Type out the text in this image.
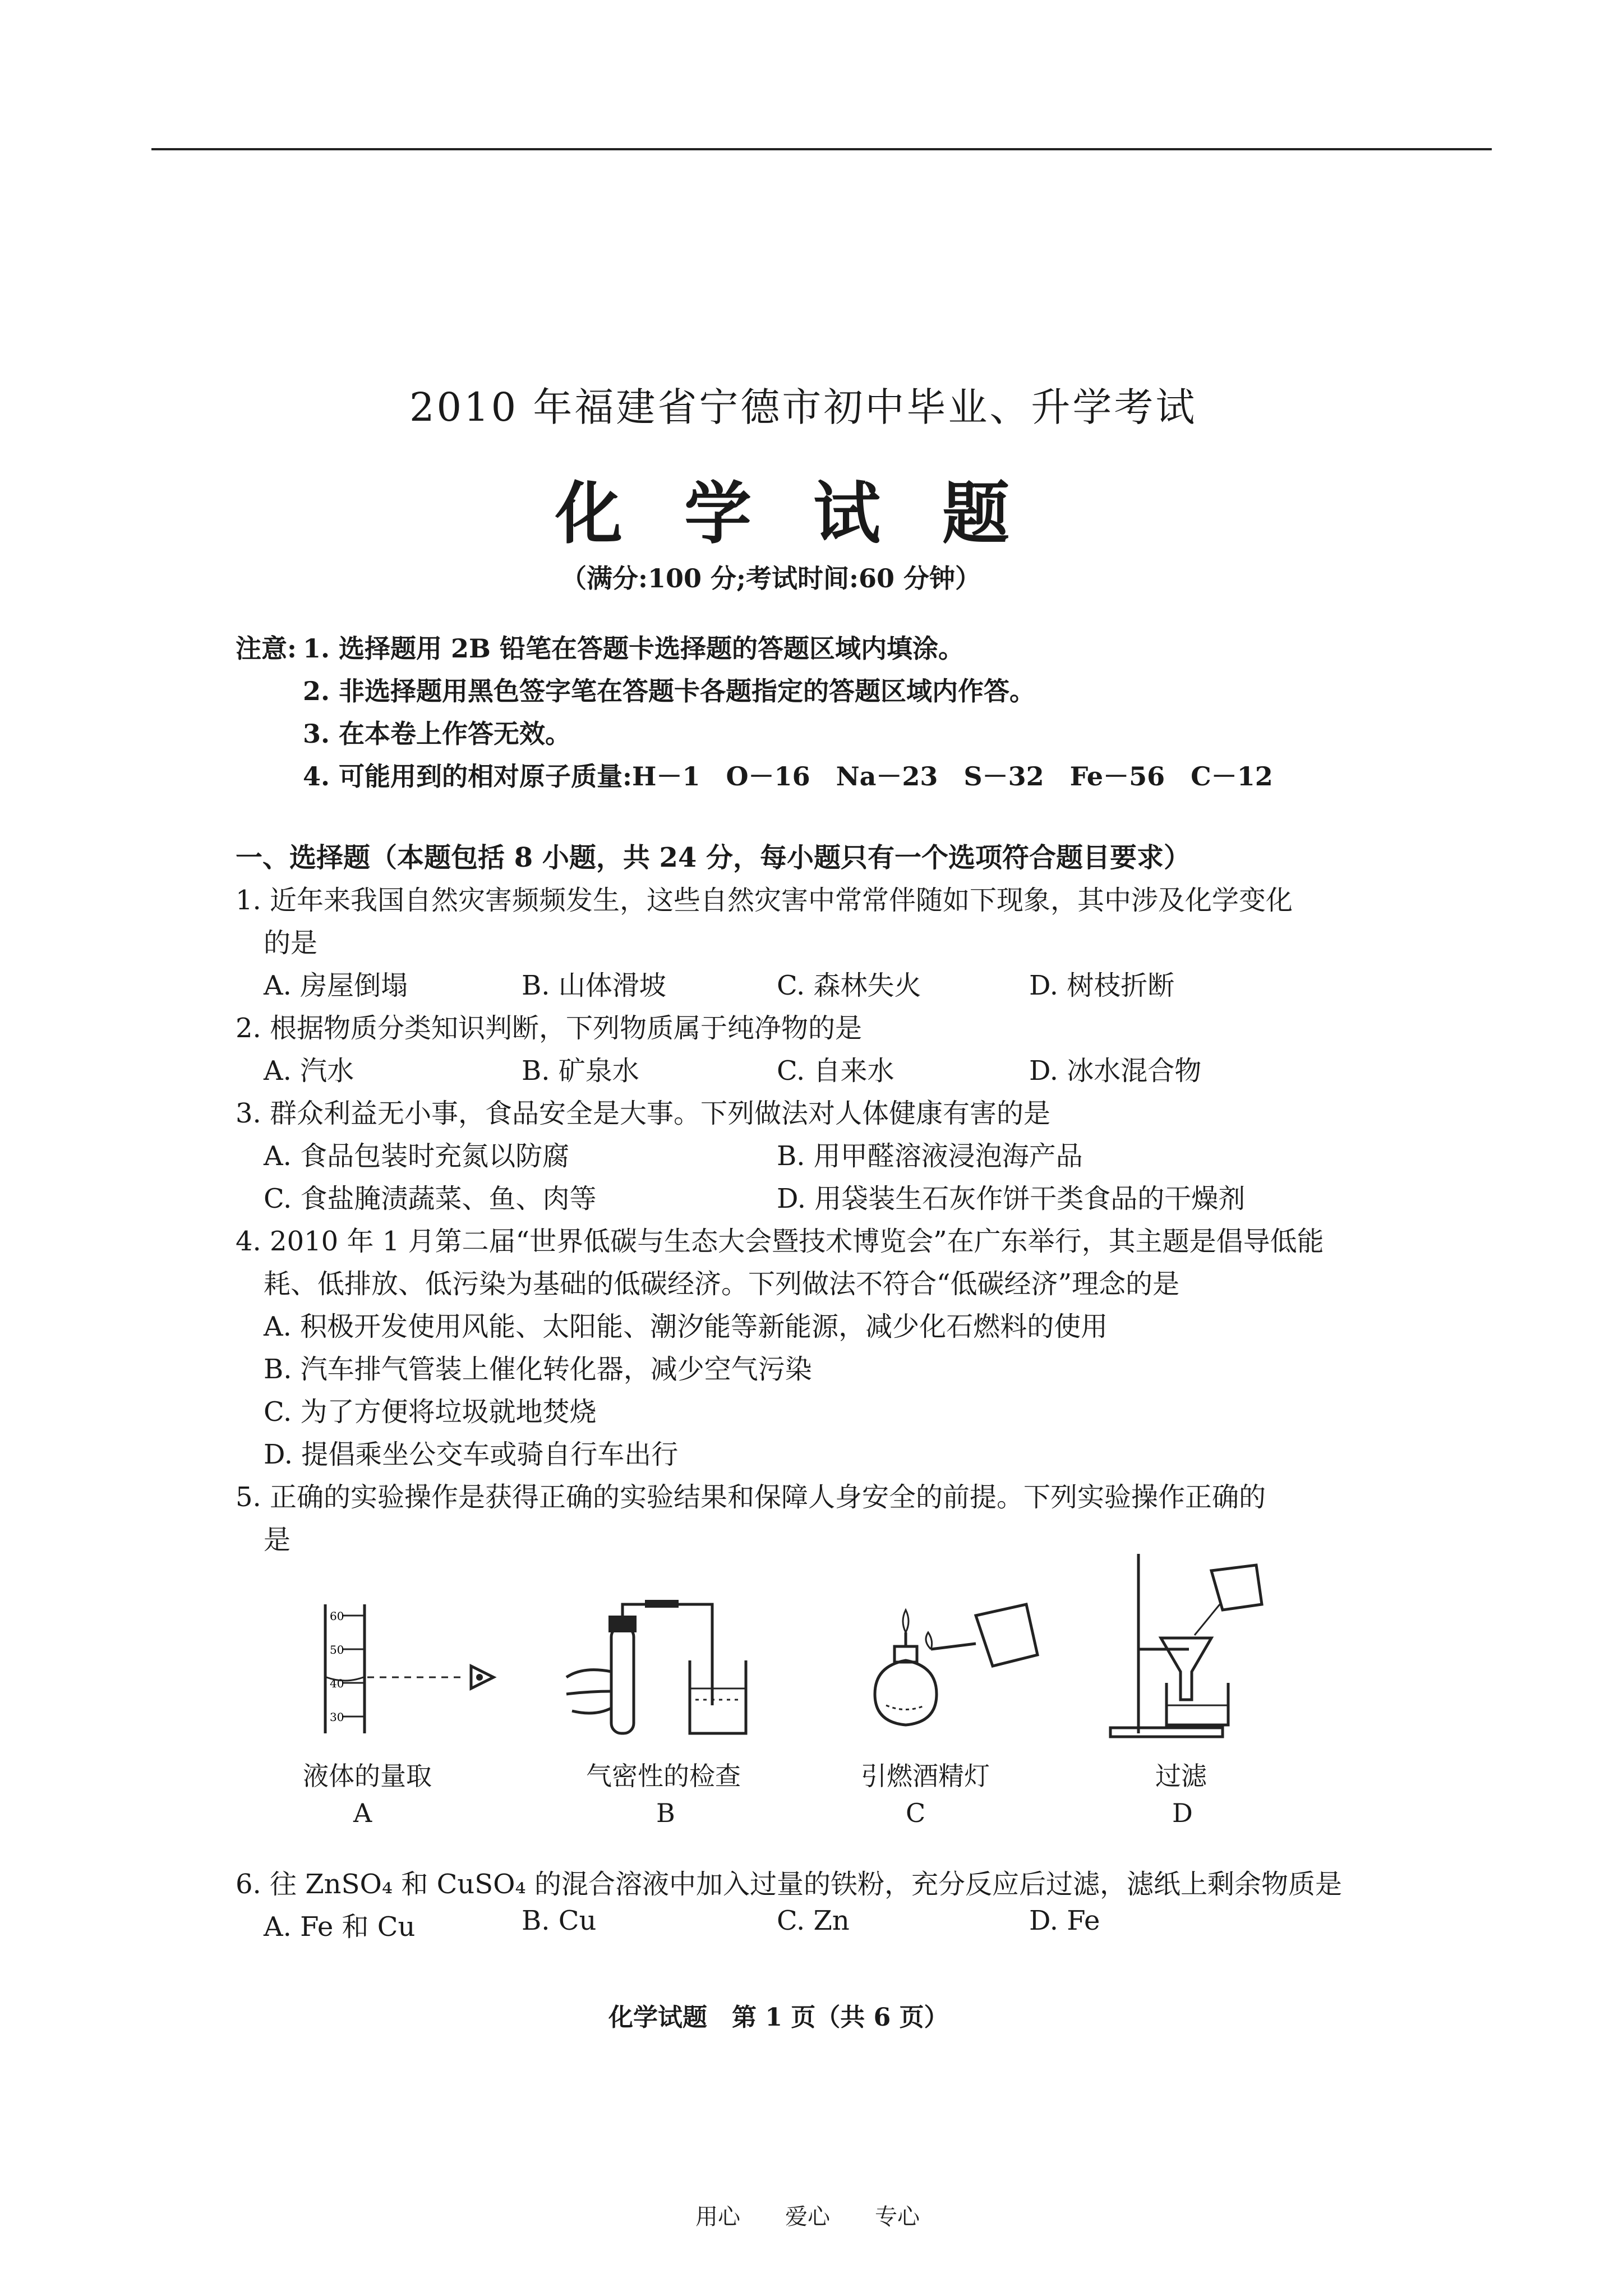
2010 年福建省宁德市初中毕业、升学考试
化学试题
（满分:100 分;考试时间:60 分钟）
注意: 1. 选择题用 2B 铅笔在答题卡选择题的答题区域内填涂。
2. 非选择题用黑色签字笔在答题卡各题指定的答题区域内作答。
3. 在本卷上作答无效。
4. 可能用到的相对原子质量:H－1　O－16　Na－23　S－32　Fe－56　C－12
一、选择题（本题包括 8 小题，共 24 分，每小题只有一个选项符合题目要求）
1. 近年来我国自然灾害频频发生，这些自然灾害中常常伴随如下现象，其中涉及化学变化
的是
A. 房屋倒塌	B. 山体滑坡	C. 森林失火	D. 树枝折断
2. 根据物质分类知识判断，下列物质属于纯净物的是
A. 汽水	B. 矿泉水	C. 自来水	D. 冰水混合物
3. 群众利益无小事，食品安全是大事。下列做法对人体健康有害的是
A. 食品包装时充氮以防腐	B. 用甲醛溶液浸泡海产品
C. 食盐腌渍蔬菜、鱼、肉等	D. 用袋装生石灰作饼干类食品的干燥剂
4. 2010 年 1 月第二届“世界低碳与生态大会暨技术博览会”在广东举行，其主题是倡导低能
耗、低排放、低污染为基础的低碳经济。下列做法不符合“低碳经济”理念的是
A. 积极开发使用风能、太阳能、潮汐能等新能源，减少化石燃料的使用
B. 汽车排气管装上催化转化器，减少空气污染
C. 为了方便将垃圾就地焚烧
D. 提倡乘坐公交车或骑自行车出行
5. 正确的实验操作是获得正确的实验结果和保障人身安全的前提。下列实验操作正确的
是
60
50
40
30
液体的量取
A
气密性的检查
B
引燃酒精灯
C
过滤
D
6. 往 ZnSO₄ 和 CuSO₄ 的混合溶液中加入过量的铁粉，充分反应后过滤，滤纸上剩余物质是
A. Fe 和 Cu	B. Cu	C. Zn	D. Fe
化学试题　第 1 页（共 6 页）
用心　　爱心　　专心
